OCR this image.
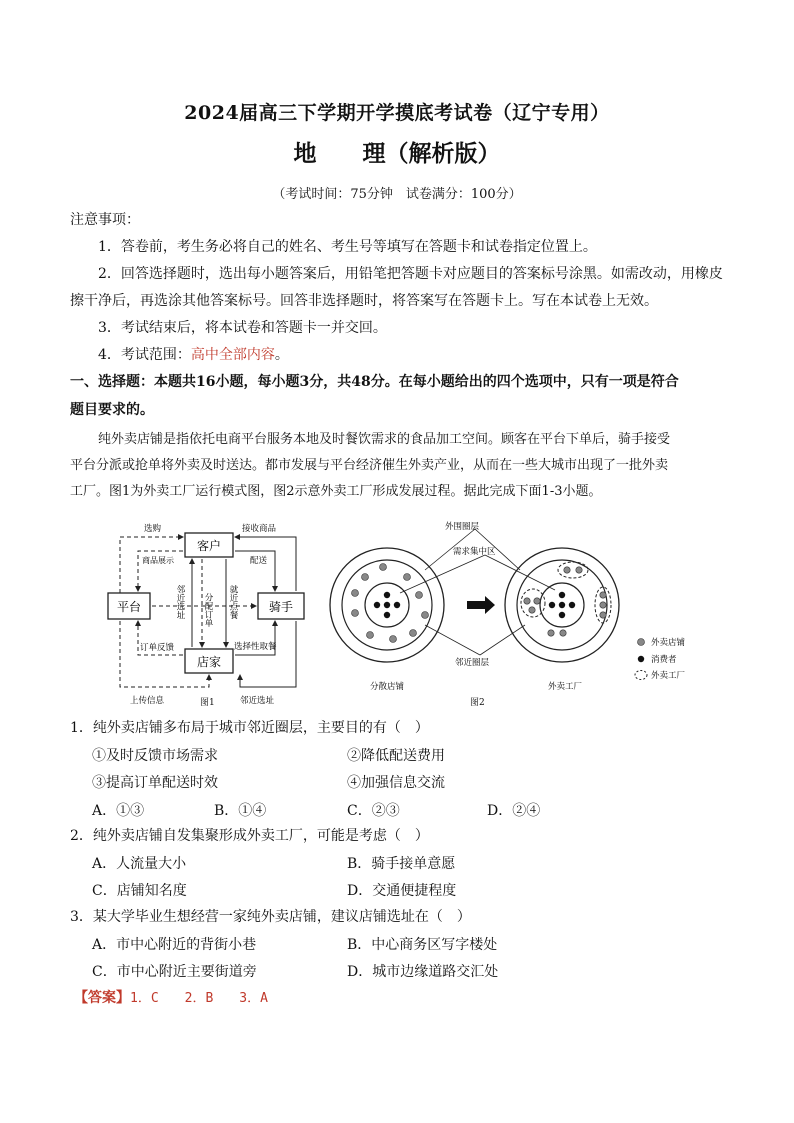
2024届高三下学期开学摸底考试卷（辽宁专用）
地　　理（解析版）
（考试时间：75分钟　试卷满分：100分）
注意事项：
1．答卷前，考生务必将自己的姓名、考生号等填写在答题卡和试卷指定位置上。
2．回答选择题时，选出每小题答案后，用铅笔把答题卡对应题目的答案标号涂黑。如需改动，用橡皮
擦干净后，再选涂其他答案标号。回答非选择题时，将答案写在答题卡上。写在本试卷上无效。
3．考试结束后，将本试卷和答题卡一并交回。
4．考试范围：高中全部内容。
一、选择题：本题共16小题，每小题3分，共48分。在每小题给出的四个选项中，只有一项是符合
题目要求的。
纯外卖店铺是指依托电商平台服务本地及时餐饮需求的食品加工空间。顾客在平台下单后，骑手接受
平台分派或抢单将外卖及时送达。都市发展与平台经济催生外卖产业，从而在一些大城市出现了一批外卖
工厂。图1为外卖工厂运行模式图，图2示意外卖工厂形成发展过程。据此完成下面1-3小题。
客户
平台	骑手
店家
选购
商品展示
接收商品
配送
邻近选址 分配订单 就近点餐
订单反馈
上传信息
选择性取餐
邻近选址
图1
外围圈层
需求集中区
邻近圈层
分散店铺	外卖工厂
外卖店铺
消费者
外卖工厂
图2
1．纯外卖店铺多布局于城市邻近圈层，主要目的有（　）
①及时反馈市场需求	②降低配送费用
③提高订单配送时效	④加强信息交流
A．①③	B．①④	C．②③	D．②④
2．纯外卖店铺自发集聚形成外卖工厂，可能是考虑（　）
A．人流量大小	B．骑手接单意愿
C．店铺知名度	D．交通便捷程度
3．某大学毕业生想经营一家纯外卖店铺，建议店铺选址在（　）
A．市中心附近的背街小巷	B．中心商务区写字楼处
C．市中心附近主要街道旁	D．城市边缘道路交汇处
【答案】1．C　　2．B　　3．A
